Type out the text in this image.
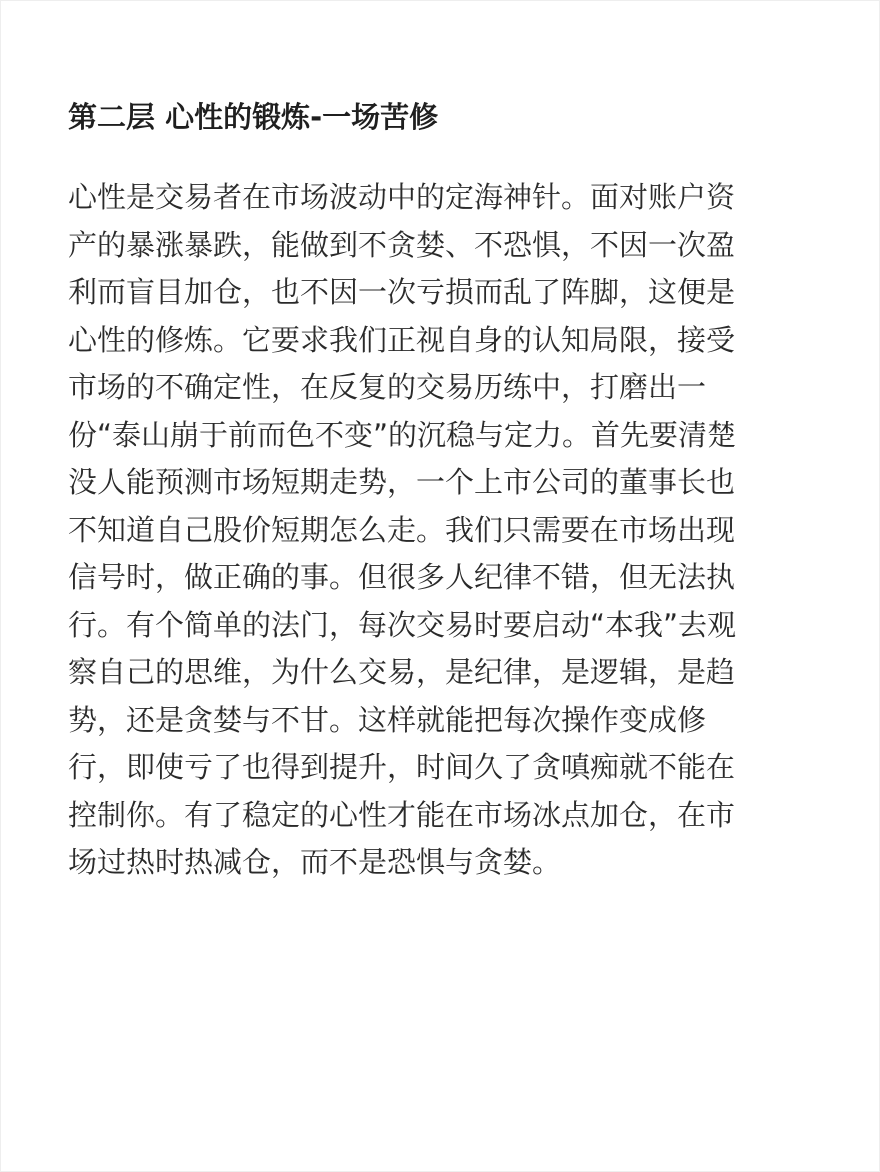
第二层 心性的锻炼-一场苦修
心性是交易者在市场波动中的定海神针。面对账户资
产的暴涨暴跌，能做到不贪婪、不恐惧，不因一次盈
利而盲目加仓，也不因一次亏损而乱了阵脚，这便是
心性的修炼。它要求我们正视自身的认知局限，接受
市场的不确定性，在反复的交易历练中，打磨出一
份“泰山崩于前而色不变”的沉稳与定力。首先要清楚
没人能预测市场短期走势，一个上市公司的董事长也
不知道自己股价短期怎么走。我们只需要在市场出现
信号时，做正确的事。但很多人纪律不错，但无法执
行。有个简单的法门，每次交易时要启动“本我”去观
察自己的思维，为什么交易，是纪律，是逻辑，是趋
势，还是贪婪与不甘。这样就能把每次操作变成修
行，即使亏了也得到提升，时间久了贪嗔痴就不能在
控制你。有了稳定的心性才能在市场冰点加仓，在市
场过热时热减仓，而不是恐惧与贪婪。
